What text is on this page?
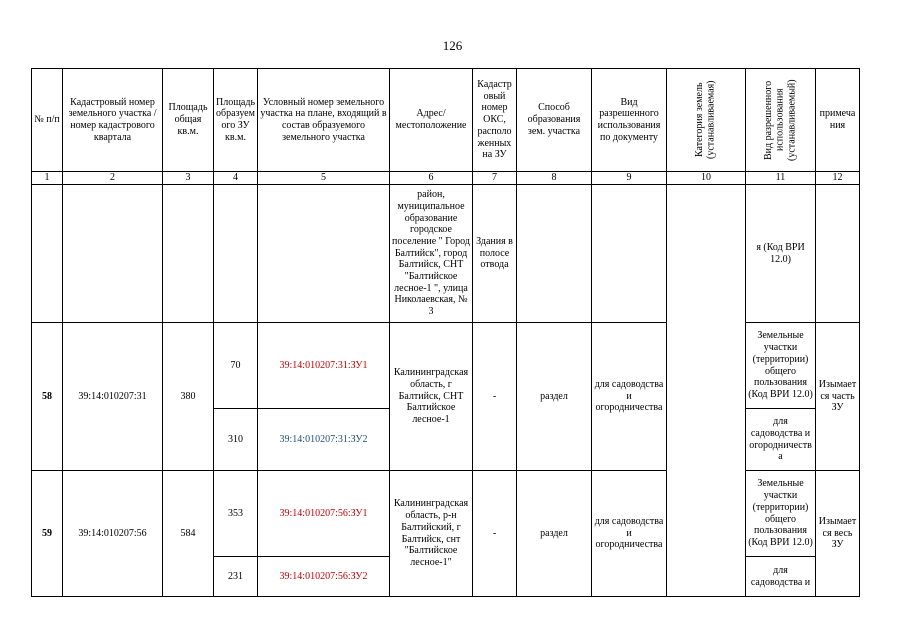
126
№ п/п	Кадастровый номер земельного участка /номер кадастрового квартала	Площадь общая кв.м.	Площадь образуемого ЗУ кв.м.	Условный номер земельного участка на плане, входящий в состав образуемого земельного участка	Адрес/ местоположение	Кадастровый номер ОКС, расположенных на ЗУ	Способ образования зем. участка	Вид разрешенного использования по документу	Категория земель (устанавливаемая)	Вид разрешенного использования (устанавливаемый)	примечания
1	2	3	4	5	6	7	8	9	10	11	12
					район, муниципальное образование городское поселение " Город Балтийск", город Балтийск, СНТ "Балтийское лесное-1 ", улица Николаевская, № 3	Здания в полосе отвода				я (Код ВРИ 12.0)	
58	39:14:010207:31	380	70	39:14:010207:31:ЗУ1	Калининградская область, г Балтийск, СНТ Балтийское лесное-1	-	раздел	для садоводства и огородничества		Земельные участки (территории) общего пользования (Код ВРИ 12.0)	Изымается часть ЗУ
			310	39:14:010207:31:ЗУ2						для садоводства и огородничества	
59	39:14:010207:56	584	353	39:14:010207:56:ЗУ1	Калининградская область, р-н Балтийский, г Балтийск, снт "Балтийское лесное-1"	-	раздел	для садоводства и огородничества		Земельные участки (территории) общего пользования (Код ВРИ 12.0)	Изымается весь ЗУ
			231	39:14:010207:56:ЗУ2						для садоводства и	
